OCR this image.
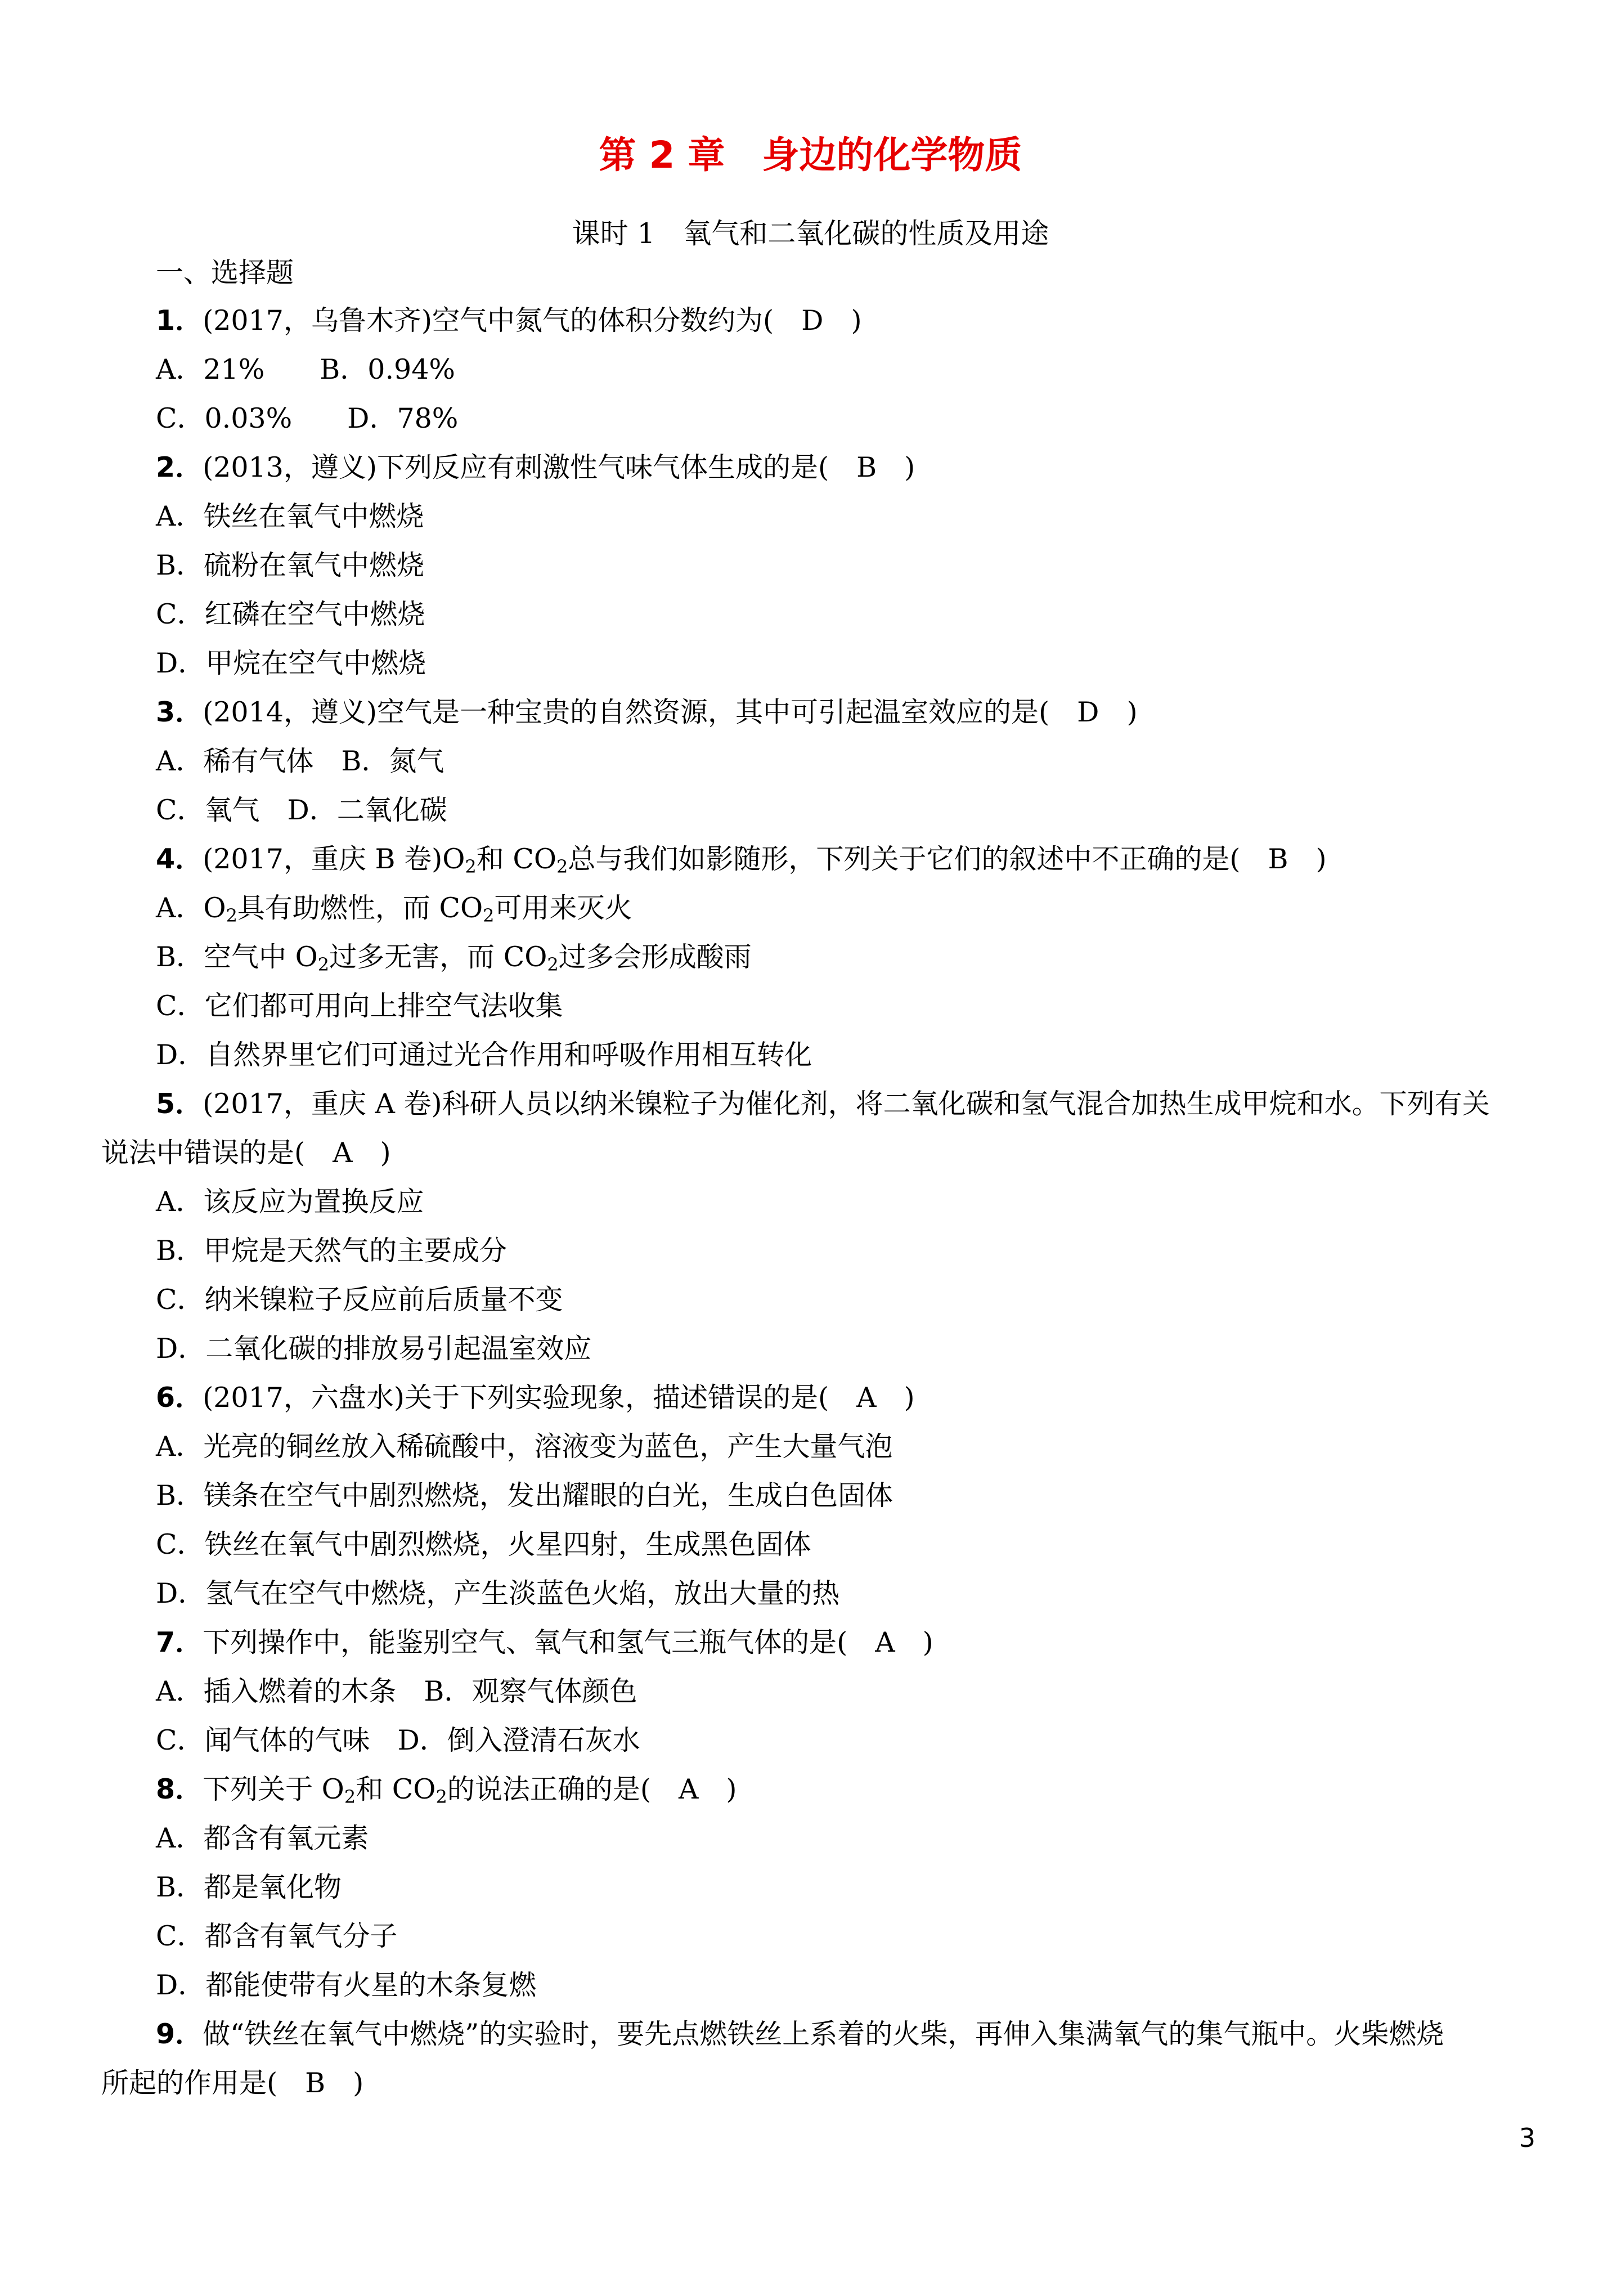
第 2 章　身边的化学物质
课时 1　氧气和二氧化碳的性质及用途
一、选择题
1．(2017，乌鲁木齐)空气中氮气的体积分数约为(　D　)
A．21%　　B．0.94%
C．0.03%　　D．78%
2．(2013，遵义)下列反应有刺激性气味气体生成的是(　B　)
A．铁丝在氧气中燃烧
B．硫粉在氧气中燃烧
C．红磷在空气中燃烧
D．甲烷在空气中燃烧
3．(2014，遵义)空气是一种宝贵的自然资源，其中可引起温室效应的是(　D　)
A．稀有气体　B．氮气
C．氧气　D．二氧化碳
4．(2017，重庆 B 卷)$O_2$和 $CO_2$总与我们如影随形，下列关于它们的叙述中不正确的是(　B　)
A．$O_2$具有助燃性，而 $CO_2$可用来灭火
B．空气中 $O_2$过多无害，而 $CO_2$过多会形成酸雨
C．它们都可用向上排空气法收集
D．自然界里它们可通过光合作用和呼吸作用相互转化
5．(2017，重庆 A 卷)科研人员以纳米镍粒子为催化剂，将二氧化碳和氢气混合加热生成甲烷和水。下列有关
说法中错误的是(　A　)
A．该反应为置换反应
B．甲烷是天然气的主要成分
C．纳米镍粒子反应前后质量不变
D．二氧化碳的排放易引起温室效应
6．(2017，六盘水)关于下列实验现象，描述错误的是(　A　)
A．光亮的铜丝放入稀硫酸中，溶液变为蓝色，产生大量气泡
B．镁条在空气中剧烈燃烧，发出耀眼的白光，生成白色固体
C．铁丝在氧气中剧烈燃烧，火星四射，生成黑色固体
D．氢气在空气中燃烧，产生淡蓝色火焰，放出大量的热
7．下列操作中，能鉴别空气、氧气和氢气三瓶气体的是(　A　)
A．插入燃着的木条　B．观察气体颜色
C．闻气体的气味　D．倒入澄清石灰水
8．下列关于 $O_2$和 $CO_2$的说法正确的是(　A　)
A．都含有氧元素
B．都是氧化物
C．都含有氧气分子
D．都能使带有火星的木条复燃
9．做“铁丝在氧气中燃烧”的实验时，要先点燃铁丝上系着的火柴，再伸入集满氧气的集气瓶中。火柴燃烧
所起的作用是(　B　)
3
